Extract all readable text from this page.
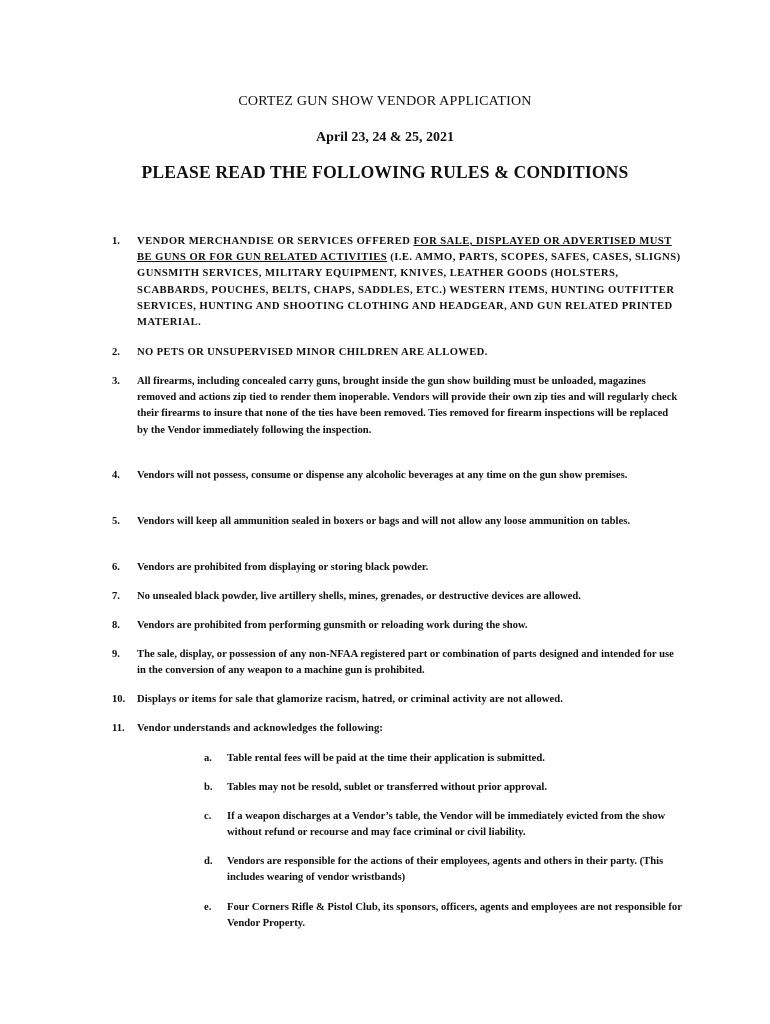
CORTEZ GUN SHOW VENDOR APPLICATION
April 23, 24 & 25, 2021
PLEASE READ THE FOLLOWING RULES & CONDITIONS
1.	VENDOR MERCHANDISE OR SERVICES OFFERED FOR SALE, DISPLAYED OR ADVERTISED MUST BE GUNS OR FOR GUN RELATED ACTIVITIES (I.E. AMMO, PARTS, SCOPES, SAFES, CASES, SLIGNS) GUNSMITH SERVICES, MILITARY EQUIPMENT, KNIVES, LEATHER GOODS (HOLSTERS, SCABBARDS, POUCHES, BELTS, CHAPS, SADDLES, ETC.) WESTERN ITEMS, HUNTING OUTFITTER SERVICES, HUNTING AND SHOOTING CLOTHING AND HEADGEAR, AND GUN RELATED PRINTED MATERIAL.
2.	NO PETS OR UNSUPERVISED MINOR CHILDREN ARE ALLOWED.
3.	All firearms, including concealed carry guns, brought inside the gun show building must be unloaded, magazines removed and actions zip tied to render them inoperable. Vendors will provide their own zip ties and will regularly check their firearms to insure that none of the ties have been removed. Ties removed for firearm inspections will be replaced by the Vendor immediately following the inspection.
4.	Vendors will not possess, consume or dispense any alcoholic beverages at any time on the gun show premises.
5.	Vendors will keep all ammunition sealed in boxers or bags and will not allow any loose ammunition on tables.
6.	Vendors are prohibited from displaying or storing black powder.
7.	No unsealed black powder, live artillery shells, mines, grenades, or destructive devices are allowed.
8.	Vendors are prohibited from performing gunsmith or reloading work during the show.
9.	The sale, display, or possession of any non-NFAA registered part or combination of parts designed and intended for use in the conversion of any weapon to a machine gun is prohibited.
10.	Displays or items for sale that glamorize racism, hatred, or criminal activity are not allowed.
11.	Vendor understands and acknowledges the following:
a.	Table rental fees will be paid at the time their application is submitted.
b.	Tables may not be resold, sublet or transferred without prior approval.
c.	If a weapon discharges at a Vendor’s table, the Vendor will be immediately evicted from the show without refund or recourse and may face criminal or civil liability.
d.	Vendors are responsible for the actions of their employees, agents and others in their party. (This includes wearing of vendor wristbands)
e.	Four Corners Rifle & Pistol Club, its sponsors, officers, agents and employees are not responsible for Vendor Property.
